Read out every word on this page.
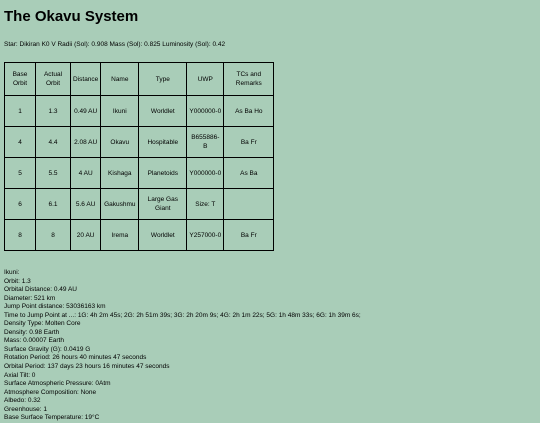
The Okavu System
Star: Dikiran K0 V Radii (Sol): 0.908 Mass (Sol): 0.825 Luminosity (Sol): 0.42
Base Orbit	Actual Orbit	Distance	Name	Type	UWP	TCs and Remarks
1	1.3	0.49 AU	Ikuni	Worldlet	Y000000-0	As Ba Ho
4	4.4	2.08 AU	Okavu	Hospitable	B655886-B	Ba Fr
5	5.5	4 AU	Kishaga	Planetoids	Y000000-0	As Ba
6	6.1	5.6 AU	Gakushmu	Large Gas Giant	Size: T	
8	8	20 AU	Irema	Worldlet	Y257000-0	Ba Fr
Ikuni:
Orbit: 1.3
Orbital Distance: 0.49 AU
Diameter: 521 km
Jump Point distance: 53036163 km
Time to Jump Point at ...: 1G: 4h 2m 45s; 2G: 2h 51m 39s; 3G: 2h 20m 9s; 4G: 2h 1m 22s; 5G: 1h 48m 33s; 6G: 1h 39m 6s;
Density Type: Molten Core
Density: 0.98 Earth
Mass: 0.00007 Earth
Surface Gravity (G): 0.0419 G
Rotation Period: 26 hours 40 minutes 47 seconds
Orbital Period: 137 days 23 hours 16 minutes 47 seconds
Axial Tilt: 0
Surface Atmospheric Pressure: 0Atm
Atmosphere Composition: None
Albedo: 0.32
Greenhouse: 1
Base Surface Temperature: 19°C
